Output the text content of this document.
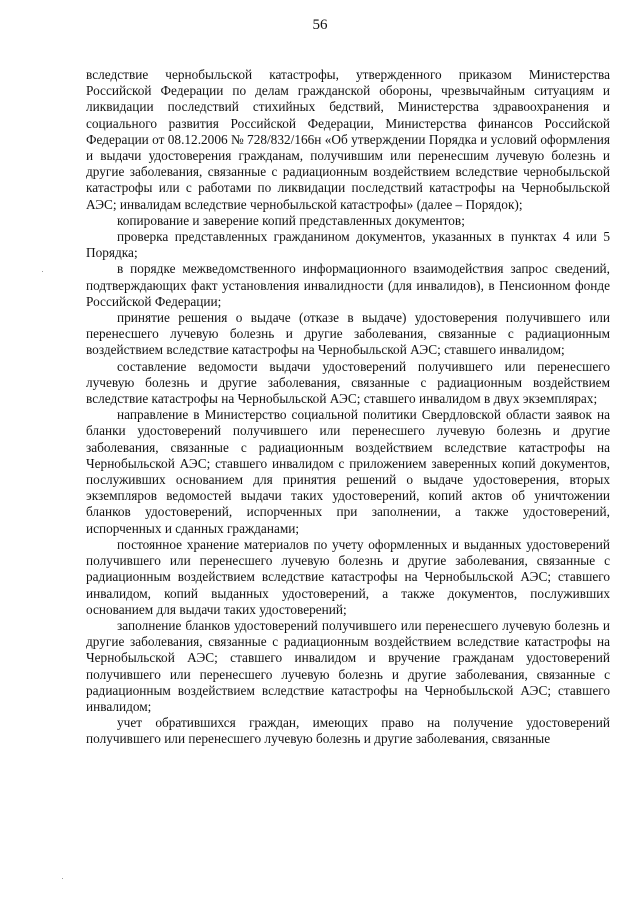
56

вследствие чернобыльской катастрофы, утвержденного приказом Министерства Российской Федерации по делам гражданской обороны, чрезвычайным ситуациям и ликвидации последствий стихийных бедствий, Министерства здравоохранения и социального развития Российской Федерации, Министерства финансов Российской Федерации от 08.12.2006 № 728/832/166н «Об утверждении Порядка и условий оформления и выдачи удостоверения гражданам, получившим или перенесшим лучевую болезнь и другие заболевания, связанные с радиационным воздействием вследствие чернобыльской катастрофы или с работами по ликвидации последствий катастрофы на Чернобыльской АЭС; инвалидам вследствие чернобыльской катастрофы» (далее – Порядок);

копирование и заверение копий представленных документов;

проверка представленных гражданином документов, указанных в пунктах 4 или 5 Порядка;

в порядке межведомственного информационного взаимодействия запрос сведений, подтверждающих факт установления инвалидности (для инвалидов), в Пенсионном фонде Российской Федерации;

принятие решения о выдаче (отказе в выдаче) удостоверения получившего или перенесшего лучевую болезнь и другие заболевания, связанные с радиационным воздействием вследствие катастрофы на Чернобыльской АЭС; ставшего инвалидом;

составление ведомости выдачи удостоверений получившего или перенесшего лучевую болезнь и другие заболевания, связанные с радиационным воздействием вследствие катастрофы на Чернобыльской АЭС; ставшего инвалидом в двух экземплярах;

направление в Министерство социальной политики Свердловской области заявок на бланки удостоверений получившего или перенесшего лучевую болезнь и другие заболевания, связанные с радиационным воздействием вследствие катастрофы на Чернобыльской АЭС; ставшего инвалидом с приложением заверенных копий документов, послуживших основанием для принятия решений о выдаче удостоверения, вторых экземпляров ведомостей выдачи таких удостоверений, копий актов об уничтожении бланков удостоверений, испорченных при заполнении, а также удостоверений, испорченных и сданных гражданами;

постоянное хранение материалов по учету оформленных и выданных удостоверений получившего или перенесшего лучевую болезнь и другие заболевания, связанные с радиационным воздействием вследствие катастрофы на Чернобыльской АЭС; ставшего инвалидом, копий выданных удостоверений, а также документов, послуживших основанием для выдачи таких удостоверений;

заполнение бланков удостоверений получившего или перенесшего лучевую болезнь и другие заболевания, связанные с радиационным воздействием вследствие катастрофы на Чернобыльской АЭС; ставшего инвалидом и вручение гражданам удостоверений получившего или перенесшего лучевую болезнь и другие заболевания, связанные с радиационным воздействием вследствие катастрофы на Чернобыльской АЭС; ставшего инвалидом;

учет обратившихся граждан, имеющих право на получение удостоверений получившего или перенесшего лучевую болезнь и другие заболевания, связанные
